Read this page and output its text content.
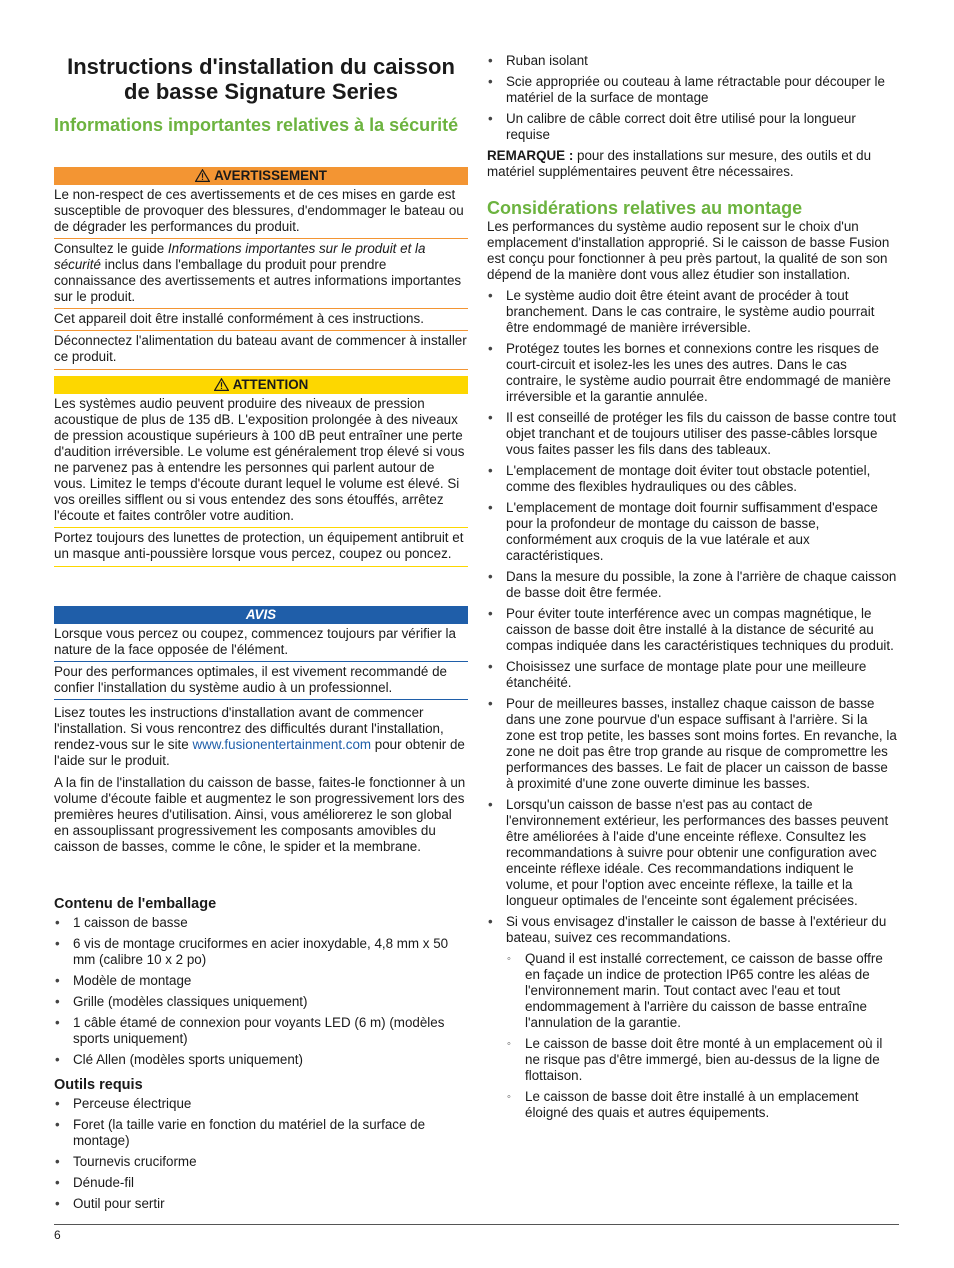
Instructions d'installation du caisson de basse Signature Series
Informations importantes relatives à la sécurité
AVERTISSEMENT

Le non-respect de ces avertissements et de ces mises en garde est susceptible de provoquer des blessures, d'endommager le bateau ou de dégrader les performances du produit.

Consultez le guide Informations importantes sur le produit et la sécurité inclus dans l'emballage du produit pour prendre connaissance des avertissements et autres informations importantes sur le produit.

Cet appareil doit être installé conformément à ces instructions.

Déconnectez l'alimentation du bateau avant de commencer à installer ce produit.

ATTENTION

Les systèmes audio peuvent produire des niveaux de pression acoustique de plus de 135 dB. L'exposition prolongée à des niveaux de pression acoustique supérieurs à 100 dB peut entraîner une perte d'audition irréversible. Le volume est généralement trop élevé si vous ne parvenez pas à entendre les personnes qui parlent autour de vous. Limitez le temps d'écoute durant lequel le volume est élevé. Si vos oreilles sifflent ou si vous entendez des sons étouffés, arrêtez l'écoute et faites contrôler votre audition.

Portez toujours des lunettes de protection, un équipement antibruit et un masque anti-poussière lorsque vous percez, coupez ou poncez.

AVIS

Lorsque vous percez ou coupez, commencez toujours par vérifier la nature de la face opposée de l'élément.

Pour des performances optimales, il est vivement recommandé de confier l'installation du système audio à un professionnel.

Lisez toutes les instructions d'installation avant de commencer l'installation. Si vous rencontrez des difficultés durant l'installation, rendez-vous sur le site www.fusionentertainment.com pour obtenir de l'aide sur le produit.

A la fin de l'installation du caisson de basse, faites-le fonctionner à un volume d'écoute faible et augmentez le son progressivement lors des premières heures d'utilisation. Ainsi, vous améliorerez le son global en assouplissant progressivement les composants amovibles du caisson de basses, comme le cône, le spider et la membrane.

Contenu de l'emballage
• 1 caisson de basse
• 6 vis de montage cruciformes en acier inoxydable, 4,8 mm x 50 mm (calibre 10 x 2 po)
• Modèle de montage
• Grille (modèles classiques uniquement)
• 1 câble étamé de connexion pour voyants LED (6 m) (modèles sports uniquement)
• Clé Allen (modèles sports uniquement)
Outils requis
• Perceuse électrique
• Foret (la taille varie en fonction du matériel de la surface de montage)
• Tournevis cruciforme
• Dénude-fil
• Outil pour sertir
• Ruban isolant
• Scie appropriée ou couteau à lame rétractable pour découper le matériel de la surface de montage
• Un calibre de câble correct doit être utilisé pour la longueur requise

REMARQUE : pour des installations sur mesure, des outils et du matériel supplémentaires peuvent être nécessaires.

Considérations relatives au montage

Les performances du système audio reposent sur le choix d'un emplacement d'installation approprié. Si le caisson de basse Fusion est conçu pour fonctionner à peu près partout, la qualité de son son dépend de la manière dont vous allez étudier son installation.

• Le système audio doit être éteint avant de procéder à tout branchement. Dans le cas contraire, le système audio pourrait être endommagé de manière irréversible.
• Protégez toutes les bornes et connexions contre les risques de court-circuit et isolez-les les unes des autres. Dans le cas contraire, le système audio pourrait être endommagé de manière irréversible et la garantie annulée.
• Il est conseillé de protéger les fils du caisson de basse contre tout objet tranchant et de toujours utiliser des passe-câbles lorsque vous faites passer les fils dans des tableaux.
• L'emplacement de montage doit éviter tout obstacle potentiel, comme des flexibles hydrauliques ou des câbles.
• L'emplacement de montage doit fournir suffisamment d'espace pour la profondeur de montage du caisson de basse, conformément aux croquis de la vue latérale et aux caractéristiques.
• Dans la mesure du possible, la zone à l'arrière de chaque caisson de basse doit être fermée.
• Pour éviter toute interférence avec un compas magnétique, le caisson de basse doit être installé à la distance de sécurité au compas indiquée dans les caractéristiques techniques du produit.
• Choisissez une surface de montage plate pour une meilleure étanchéité.
• Pour de meilleures basses, installez chaque caisson de basse dans une zone pourvue d'un espace suffisant à l'arrière. Si la zone est trop petite, les basses sont moins fortes. En revanche, la zone ne doit pas être trop grande au risque de compromettre les performances des basses. Le fait de placer un caisson de basse à proximité d'une zone ouverte diminue les basses.
• Lorsqu'un caisson de basse n'est pas au contact de l'environnement extérieur, les performances des basses peuvent être améliorées à l'aide d'une enceinte réflexe. Consultez les recommandations à suivre pour obtenir une configuration avec enceinte réflexe idéale. Ces recommandations indiquent le volume, et pour l'option avec enceinte réflexe, la taille et la longueur optimales de l'enceinte sont également précisées.
• Si vous envisagez d'installer le caisson de basse à l'extérieur du bateau, suivez ces recommandations.
◦ Quand il est installé correctement, ce caisson de basse offre en façade un indice de protection IP65 contre les aléas de l'environnement marin. Tout contact avec l'eau et tout endommagement à l'arrière du caisson de basse entraîne l'annulation de la garantie.
◦ Le caisson de basse doit être monté à un emplacement où il ne risque pas d'être immergé, bien au-dessus de la ligne de flottaison.
◦ Le caisson de basse doit être installé à un emplacement éloigné des quais et autres équipements.
6
